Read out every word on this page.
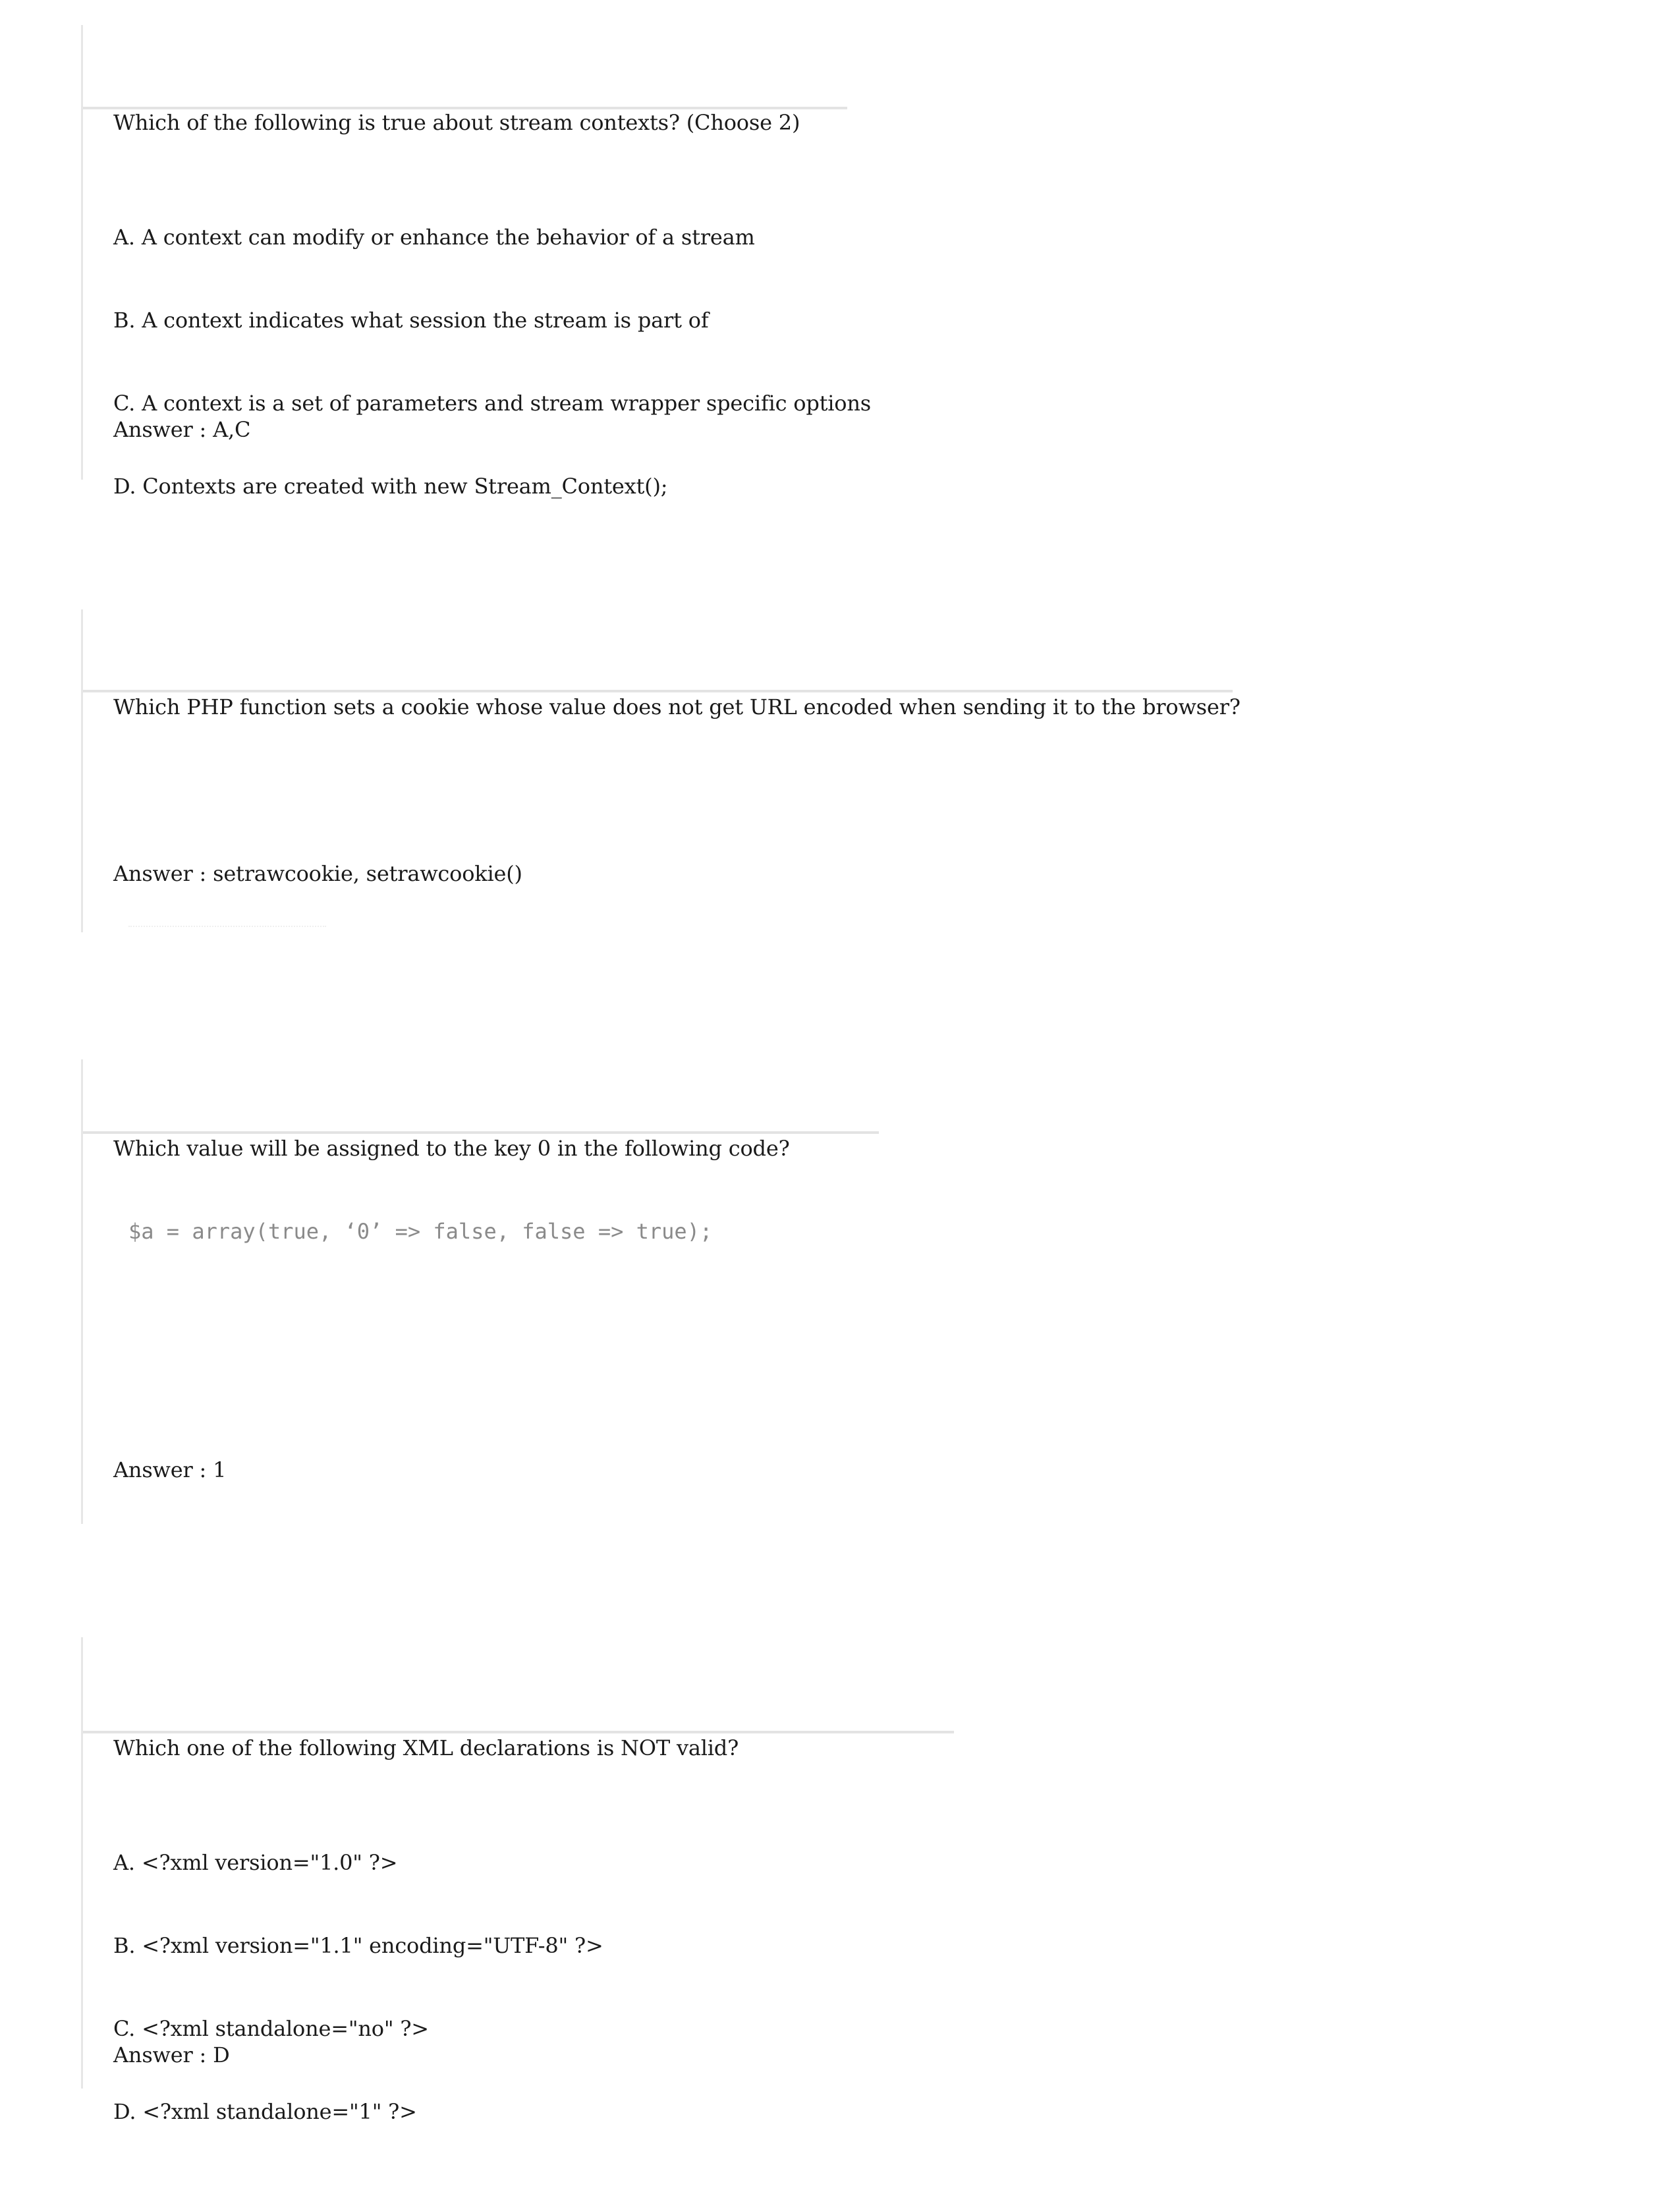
Which of the following is true about stream contexts? (Choose 2)

A. A context can modify or enhance the behavior of a stream

B. A context indicates what session the stream is part of

C. A context is a set of parameters and stream wrapper specific options

D. Contexts are created with new Stream_Context();

Answer : A,C
Which PHP function sets a cookie whose value does not get URL encoded when sending it to the browser?
Answer : setrawcookie, setrawcookie()
Which value will be assigned to the key 0 in the following code?
$a = array(true, ‘0’ => false, false => true);
Answer : 1
Which one of the following XML declarations is NOT valid?

A. <?xml version="1.0" ?>

B. <?xml version="1.1" encoding="UTF-8" ?>

C. <?xml standalone="no" ?>

D. <?xml standalone="1" ?>

Answer : D
